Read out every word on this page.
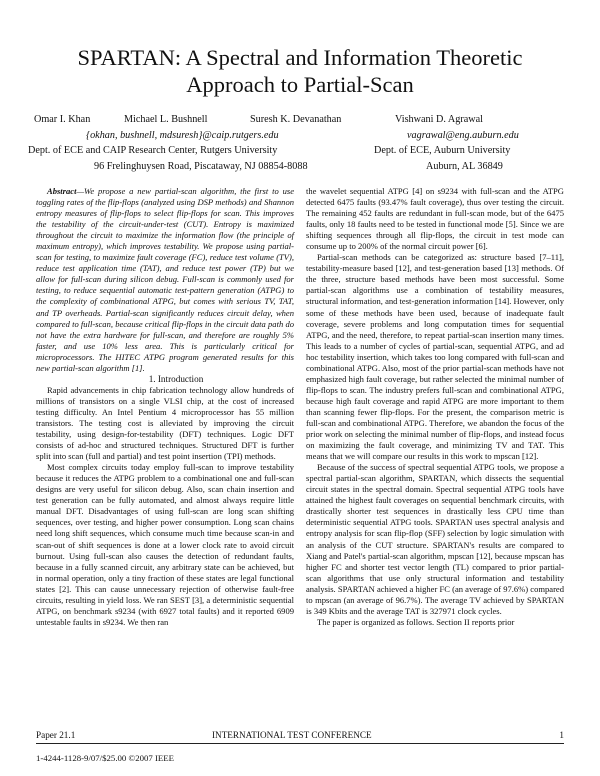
SPARTAN: A Spectral and Information Theoretic Approach to Partial-Scan
Omar I. Khan	Michael L. Bushnell	Suresh K. Devanathan	Vishwani D. Agrawal
{okhan, bushnell, mdsuresh}@caip.rutgers.edu	vagrawal@eng.auburn.edu
Dept. of ECE and CAIP Research Center, Rutgers University	Dept. of ECE, Auburn University
96 Frelinghuysen Road, Piscataway, NJ 08854-8088	Auburn, AL 36849

Abstract—We propose a new partial-scan algorithm, the first to use toggling rates of the flip-flops (analyzed using DSP methods) and Shannon entropy measures of flip-flops to select flip-flops for scan. This improves the testability of the circuit-under-test (CUT). Entropy is maximized throughout the circuit to maximize the information flow (the principle of maximum entropy), which improves testability. We propose using partial-scan for testing, to maximize fault coverage (FC), reduce test volume (TV), reduce test application time (TAT), and reduce test power (TP) but we allow for full-scan during silicon debug. Full-scan is commonly used for testing, to reduce sequential automatic test-pattern generation (ATPG) to the complexity of combinational ATPG, but comes with serious TV, TAT, and TP overheads. Partial-scan significantly reduces circuit delay, when compared to full-scan, because critical flip-flops in the circuit data path do not have the extra hardware for full-scan, and therefore are roughly 5% faster, and use 10% less area. This is particularly critical for microprocessors. The HITEC ATPG program generated results for this new partial-scan algorithm [1].

1. Introduction

Rapid advancements in chip fabrication technology allow hundreds of millions of transistors on a single VLSI chip, at the cost of increased testing difficulty. An Intel Pentium 4 microprocessor has 55 million transistors. The testing cost is alleviated by improving the circuit testability, using design-for-testability (DFT) techniques. Logic DFT consists of ad-hoc and structured techniques. Structured DFT is further split into scan (full and partial) and test point insertion (TPI) methods.

Most complex circuits today employ full-scan to improve testability because it reduces the ATPG problem to a combinational one and full-scan designs are very useful for silicon debug. Also, scan chain insertion and test generation can be fully automated, and almost always require little manual DFT. Disadvantages of using full-scan are long scan shifting sequences, over testing, and higher power consumption. Long scan chains need long shift sequences, which consume much time because scan-in and scan-out of shift sequences is done at a lower clock rate to avoid circuit burnout. Using full-scan also causes the detection of redundant faults, because in a fully scanned circuit, any arbitrary state can be achieved, but in normal operation, only a tiny fraction of these states are legal functional states [2]. This can cause unnecessary rejection of otherwise fault-free circuits, resulting in yield loss. We ran SEST [3], a deterministic sequential ATPG, on benchmark s9234 (with 6927 total faults) and it reported 6909 untestable faults in s9234. We then ran

the wavelet sequential ATPG [4] on s9234 with full-scan and the ATPG detected 6475 faults (93.47% fault coverage), thus over testing the circuit. The remaining 452 faults are redundant in full-scan mode, but of the 6475 faults, only 18 faults need to be tested in functional mode [5]. Since we are shifting sequences through all flip-flops, the circuit in test mode can consume up to 200% of the normal circuit power [6].

Partial-scan methods can be categorized as: structure based [7–11], testability-measure based [12], and test-generation based [13] methods. Of the three, structure based methods have been most successful. Some partial-scan algorithms use a combination of testability measures, structural information, and test-generation information [14]. However, only some of these methods have been used, because of inadequate fault coverage, severe problems and long computation times for sequential ATPG, and the need, therefore, to repeat partial-scan insertion many times. This leads to a number of cycles of partial-scan, sequential ATPG, and ad hoc testability insertion, which takes too long compared with full-scan and combinational ATPG. Also, most of the prior partial-scan methods have not emphasized high fault coverage, but rather selected the minimal number of flip-flops to scan. The industry prefers full-scan and combinational ATPG, because high fault coverage and rapid ATPG are more important to them than scanning fewer flip-flops. For the present, the comparison metric is full-scan and combinational ATPG. Therefore, we abandon the focus of the prior work on selecting the minimal number of flip-flops, and instead focus on maximizing the fault coverage, and minimizing TV and TAT. This means that we will compare our results in this work to mpscan [12].

Because of the success of spectral sequential ATPG tools, we propose a spectral partial-scan algorithm, SPARTAN, which dissects the sequential circuit states in the spectral domain. Spectral sequential ATPG tools have attained the highest fault coverages on sequential benchmark circuits, with drastically shorter test sequences in drastically less CPU time than deterministic sequential ATPG tools. SPARTAN uses spectral analysis and entropy analysis for scan flip-flop (SFF) selection by logic simulation with an analysis of the CUT structure. SPARTAN's results are compared to Xiang and Patel's partial-scan algorithm, mpscan [12], because mpscan has higher FC and shorter test vector length (TL) compared to prior partial-scan algorithms that use only structural information and testability analysis. SPARTAN achieved a higher FC (an average of 97.6%) compared to mpscan (an average of 96.7%). The average TV achieved by SPARTAN is 349 Kbits and the average TAT is 327971 clock cycles.

The paper is organized as follows. Section II reports prior

Paper 21.1	INTERNATIONAL TEST CONFERENCE	1
1-4244-1128-9/07/$25.00 ©2007 IEEE
